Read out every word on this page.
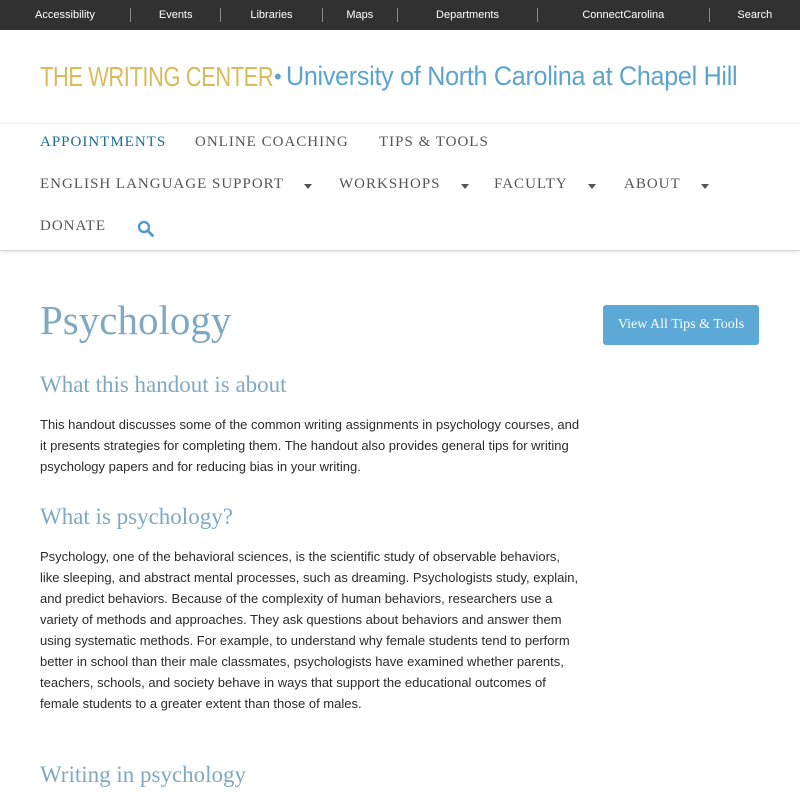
Accessibility	Events	Libraries	Maps	Departments	ConnectCarolina	Search
THE WRITING CENTER • University of North Carolina at Chapel Hill
APPOINTMENTS ONLINE COACHING TIPS & TOOLS
ENGLISH LANGUAGE SUPPORT	WORKSHOPS	FACULTY	ABOUT
DONATE
Psychology	View All Tips & Tools
What this handout is about

This handout discusses some of the common writing assignments in psychology courses, and it presents strategies for completing them. The handout also provides general tips for writing psychology papers and for reducing bias in your writing.

What is psychology?

Psychology, one of the behavioral sciences, is the scientific study of observable behaviors, like sleeping, and abstract mental processes, such as dreaming. Psychologists study, explain, and predict behaviors. Because of the complexity of human behaviors, researchers use a variety of methods and approaches. They ask questions about behaviors and answer them using systematic methods. For example, to understand why female students tend to perform better in school than their male classmates, psychologists have examined whether parents, teachers, schools, and society behave in ways that support the educational outcomes of female students to a greater extent than those of males.

Writing in psychology
